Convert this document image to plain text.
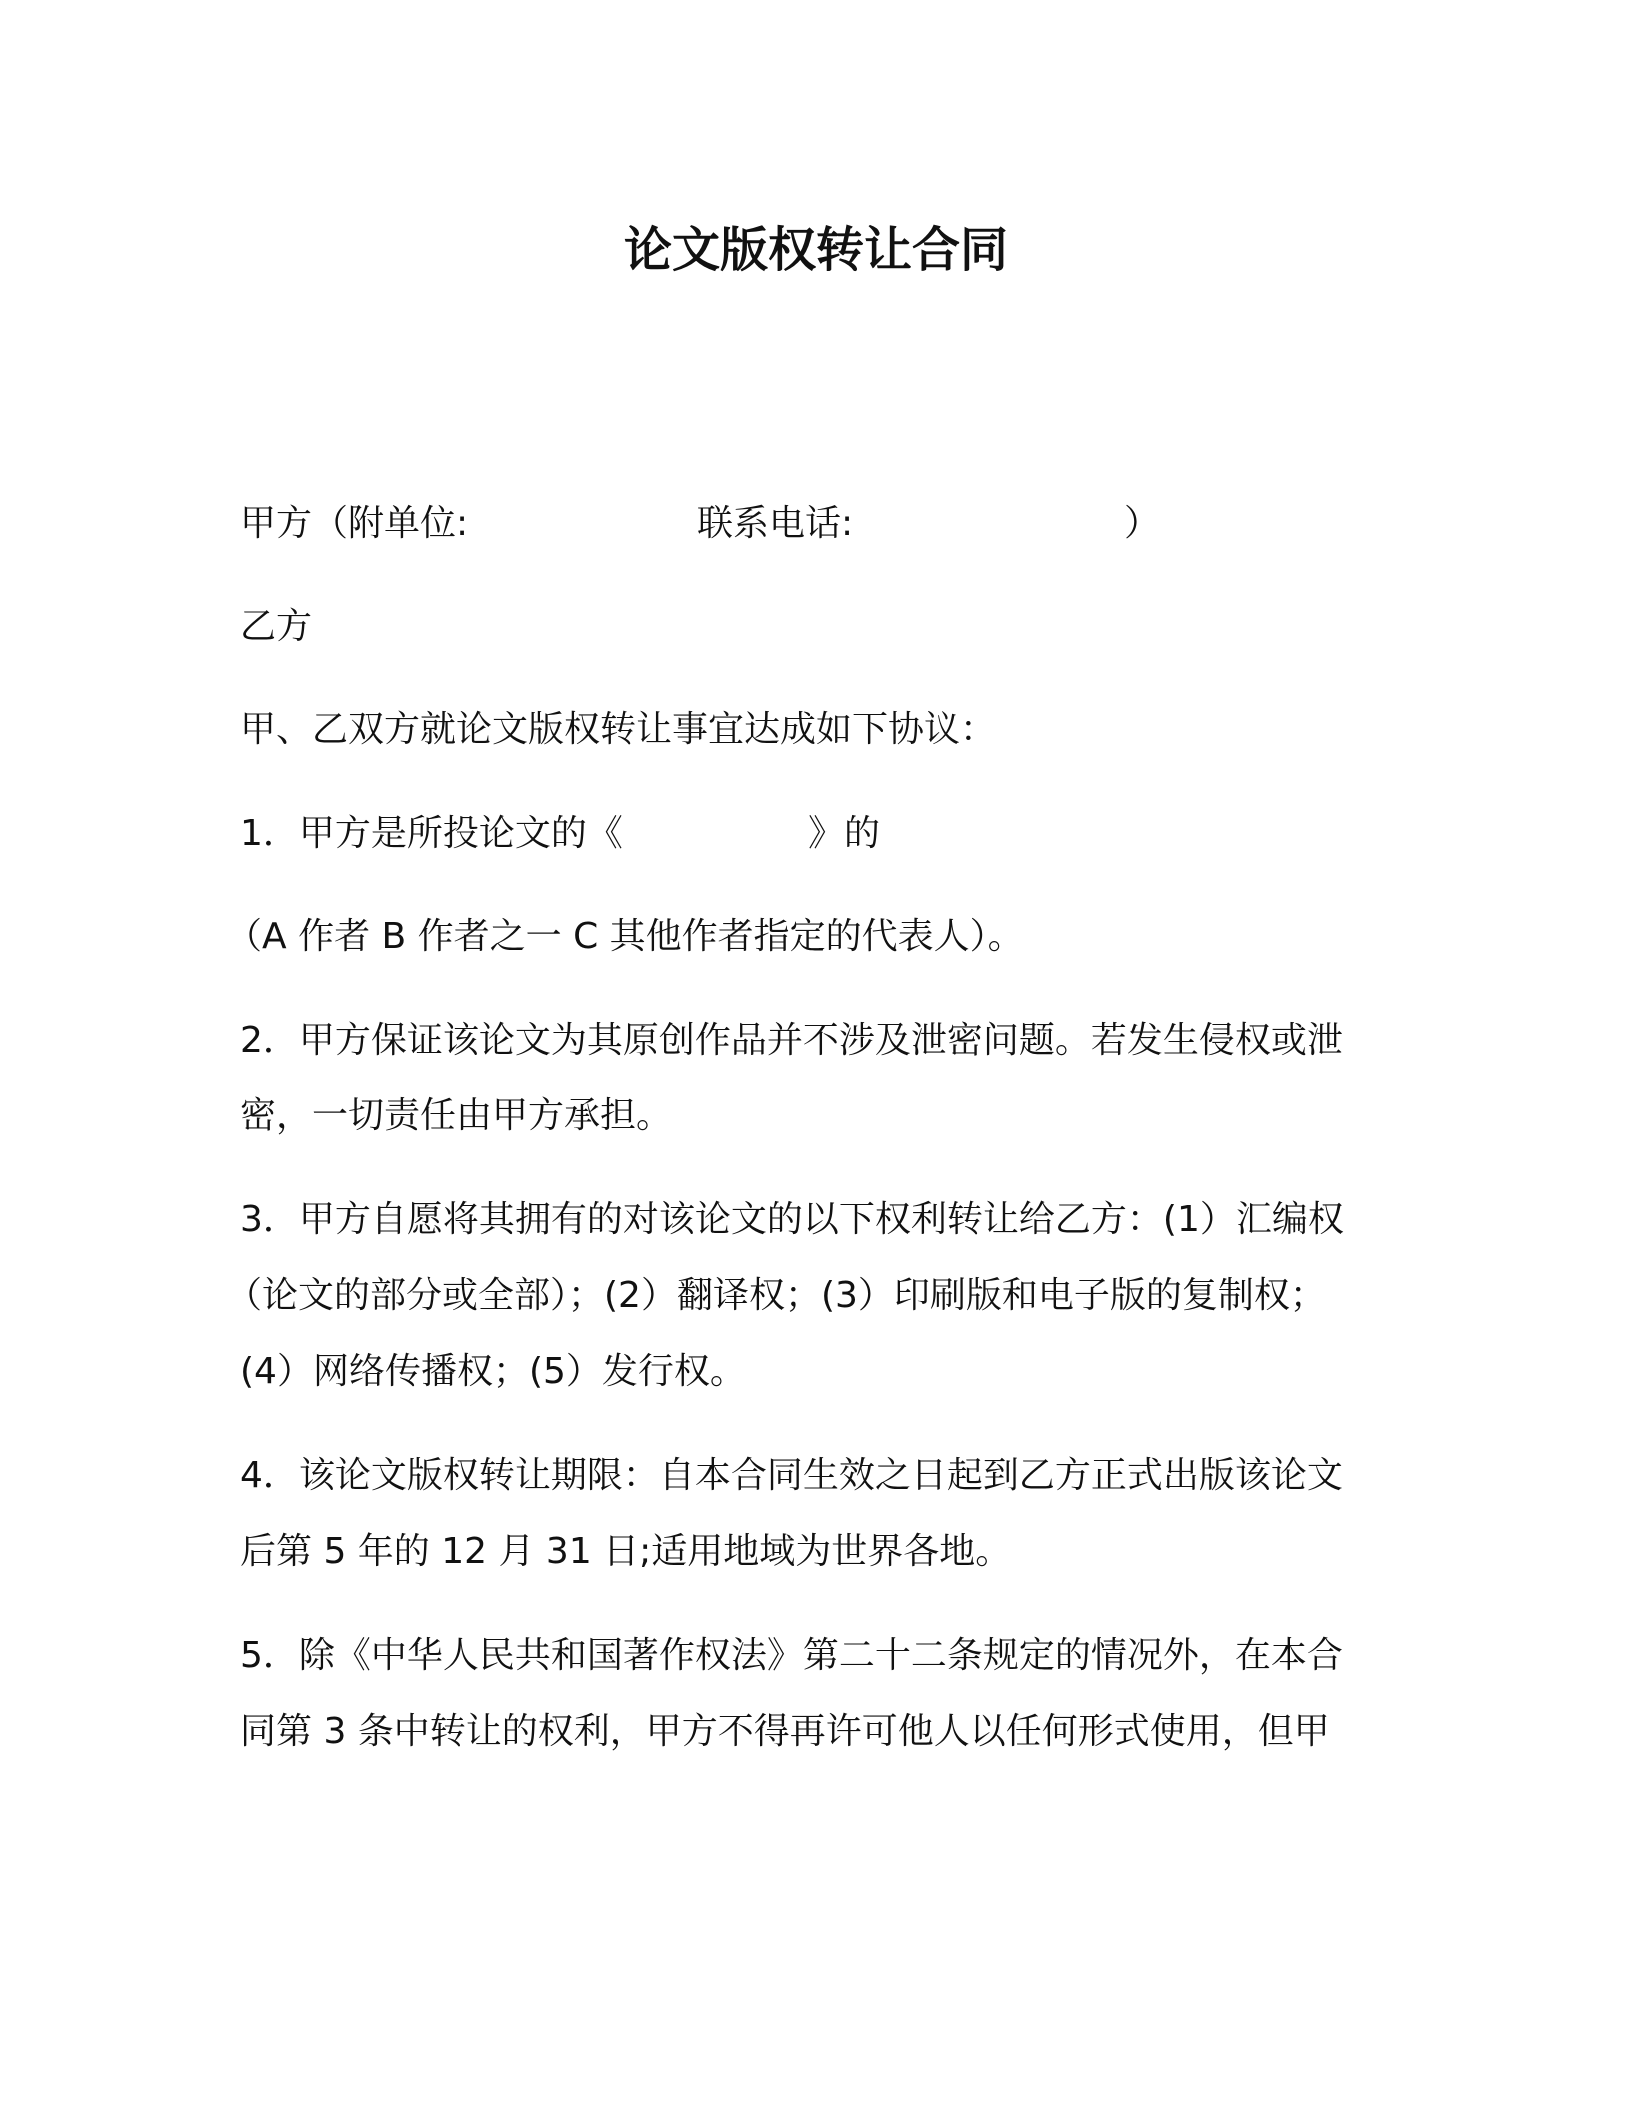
论文版权转让合同
甲方（附单位:	联系电话:	）
乙方
甲、乙双方就论文版权转让事宜达成如下协议：
1．甲方是所投论文的《	》的
（A 作者 B 作者之一 C 其他作者指定的代表人）。
2．甲方保证该论文为其原创作品并不涉及泄密问题。若发生侵权或泄
密，一切责任由甲方承担。
3．甲方自愿将其拥有的对该论文的以下权利转让给乙方：(1）汇编权
（论文的部分或全部）；(2）翻译权；(3）印刷版和电子版的复制权；
(4）网络传播权；(5）发行权。
4．该论文版权转让期限：自本合同生效之日起到乙方正式出版该论文
后第 5 年的 12 月 31 日;适用地域为世界各地。
5．除《中华人民共和国著作权法》第二十二条规定的情况外，在本合
同第 3 条中转让的权利，甲方不得再许可他人以任何形式使用，但甲
